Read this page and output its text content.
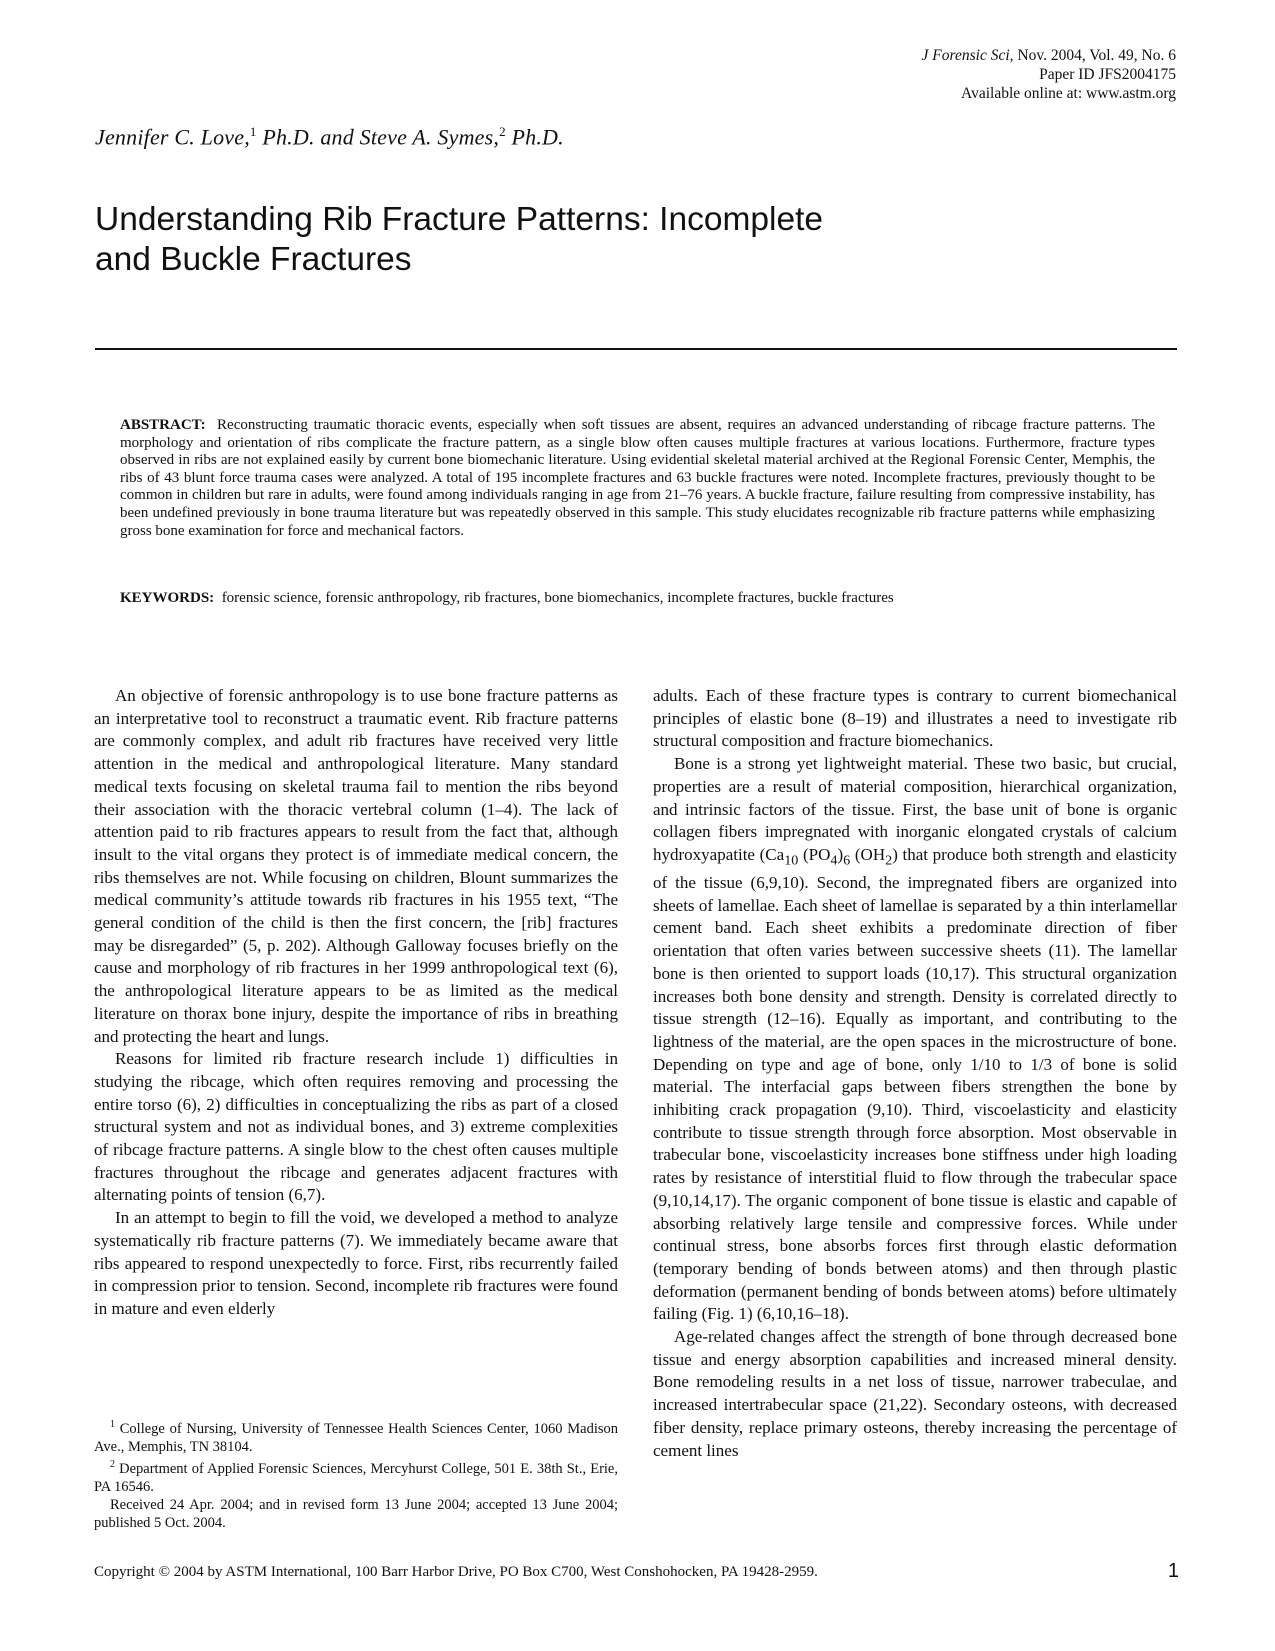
J Forensic Sci, Nov. 2004, Vol. 49, No. 6
Paper ID JFS2004175
Available online at: www.astm.org
Jennifer C. Love,$^1$ Ph.D. and Steve A. Symes,$^2$ Ph.D.
Understanding Rib Fracture Patterns: Incomplete
and Buckle Fractures
ABSTRACT: Reconstructing traumatic thoracic events, especially when soft tissues are absent, requires an advanced understanding of ribcage fracture patterns. The morphology and orientation of ribs complicate the fracture pattern, as a single blow often causes multiple fractures at various locations. Furthermore, fracture types observed in ribs are not explained easily by current bone biomechanic literature. Using evidential skeletal material archived at the Regional Forensic Center, Memphis, the ribs of 43 blunt force trauma cases were analyzed. A total of 195 incomplete fractures and 63 buckle fractures were noted. Incomplete fractures, previously thought to be common in children but rare in adults, were found among individuals ranging in age from 21–76 years. A buckle fracture, failure resulting from compressive instability, has been undefined previously in bone trauma literature but was repeatedly observed in this sample. This study elucidates recognizable rib fracture patterns while emphasizing gross bone examination for force and mechanical factors.
KEYWORDS: forensic science, forensic anthropology, rib fractures, bone biomechanics, incomplete fractures, buckle fractures

An objective of forensic anthropology is to use bone fracture patterns as an interpretative tool to reconstruct a traumatic event. Rib fracture patterns are commonly complex, and adult rib fractures have received very little attention in the medical and anthropological literature. Many standard medical texts focusing on skeletal trauma fail to mention the ribs beyond their association with the thoracic vertebral column (1–4). The lack of attention paid to rib fractures appears to result from the fact that, although insult to the vital organs they protect is of immediate medical concern, the ribs themselves are not. While focusing on children, Blount summarizes the medical community’s attitude towards rib fractures in his 1955 text, “The general condition of the child is then the first concern, the [rib] fractures may be disregarded” (5, p. 202). Although Galloway focuses briefly on the cause and morphology of rib fractures in her 1999 anthropological text (6), the anthropological literature appears to be as limited as the medical literature on thorax bone injury, despite the importance of ribs in breathing and protecting the heart and lungs.

Reasons for limited rib fracture research include 1) difficulties in studying the ribcage, which often requires removing and processing the entire torso (6), 2) difficulties in conceptualizing the ribs as part of a closed structural system and not as individual bones, and 3) extreme complexities of ribcage fracture patterns. A single blow to the chest often causes multiple fractures throughout the ribcage and generates adjacent fractures with alternating points of tension (6,7).

In an attempt to begin to fill the void, we developed a method to analyze systematically rib fracture patterns (7). We immediately became aware that ribs appeared to respond unexpectedly to force. First, ribs recurrently failed in compression prior to tension. Second, incomplete rib fractures were found in mature and even elderly

$^1$ College of Nursing, University of Tennessee Health Sciences Center, 1060 Madison Ave., Memphis, TN 38104.

$^2$ Department of Applied Forensic Sciences, Mercyhurst College, 501 E. 38th St., Erie, PA 16546.

Received 24 Apr. 2004; and in revised form 13 June 2004; accepted 13 June 2004; published 5 Oct. 2004.

adults. Each of these fracture types is contrary to current biomechanical principles of elastic bone (8–19) and illustrates a need to investigate rib structural composition and fracture biomechanics.

Bone is a strong yet lightweight material. These two basic, but crucial, properties are a result of material composition, hierarchical organization, and intrinsic factors of the tissue. First, the base unit of bone is organic collagen fibers impregnated with inorganic elongated crystals of calcium hydroxyapatite ($Ca_{10}$ $(PO_4)_6$ $(OH_2)$ that produce both strength and elasticity of the tissue (6,9,10). Second, the impregnated fibers are organized into sheets of lamellae. Each sheet of lamellae is separated by a thin interlamellar cement band. Each sheet exhibits a predominate direction of fiber orientation that often varies between successive sheets (11). The lamellar bone is then oriented to support loads (10,17). This structural organization increases both bone density and strength. Density is correlated directly to tissue strength (12–16). Equally as important, and contributing to the lightness of the material, are the open spaces in the microstructure of bone. Depending on type and age of bone, only 1/10 to 1/3 of bone is solid material. The interfacial gaps between fibers strengthen the bone by inhibiting crack propagation (9,10). Third, viscoelasticity and elasticity contribute to tissue strength through force absorption. Most observable in trabecular bone, viscoelasticity increases bone stiffness under high loading rates by resistance of interstitial fluid to flow through the trabecular space (9,10,14,17). The organic component of bone tissue is elastic and capable of absorbing relatively large tensile and compressive forces. While under continual stress, bone absorbs forces first through elastic deformation (temporary bending of bonds between atoms) and then through plastic deformation (permanent bending of bonds between atoms) before ultimately failing (Fig. 1) (6,10,16–18).

Age-related changes affect the strength of bone through decreased bone tissue and energy absorption capabilities and increased mineral density. Bone remodeling results in a net loss of tissue, narrower trabeculae, and increased intertrabecular space (21,22). Secondary osteons, with decreased fiber density, replace primary osteons, thereby increasing the percentage of cement lines

Copyright © 2004 by ASTM International, 100 Barr Harbor Drive, PO Box C700, West Conshohocken, PA 19428-2959.	1
